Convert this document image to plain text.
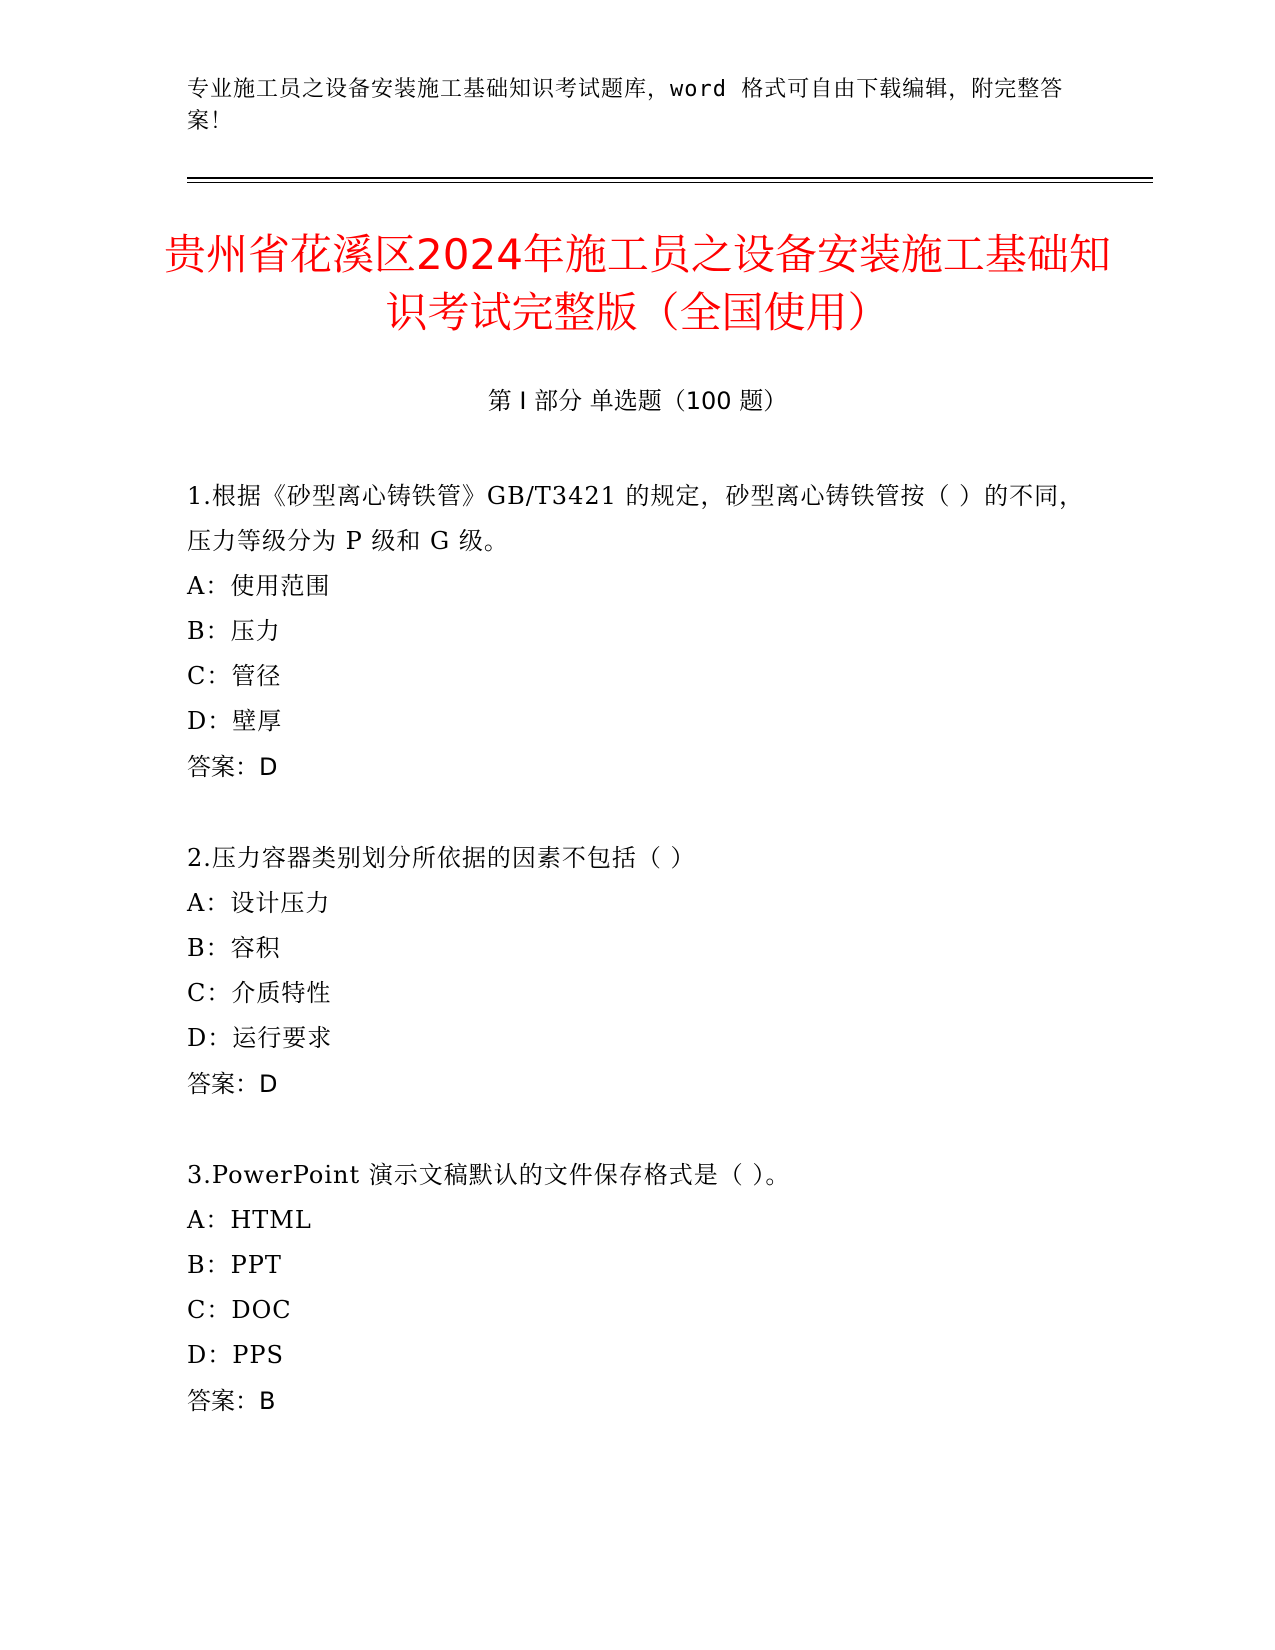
专业施工员之设备安装施工基础知识考试题库，word 格式可自由下载编辑，附完整答案！
贵州省花溪区2024年施工员之设备安装施工基础知识考试完整版（全国使用）
第 I 部分 单选题（100 题）
1.根据《砂型离心铸铁管》GB/T3421 的规定，砂型离心铸铁管按（ ）的不同，压力等级分为 P 级和 G 级。
A：使用范围
B：压力
C：管径
D：壁厚
答案：D
2.压力容器类别划分所依据的因素不包括（ ）
A：设计压力
B：容积
C：介质特性
D：运行要求
答案：D
3.PowerPoint 演示文稿默认的文件保存格式是（ ）。
A：HTML
B：PPT
C：DOC
D：PPS
答案：B
